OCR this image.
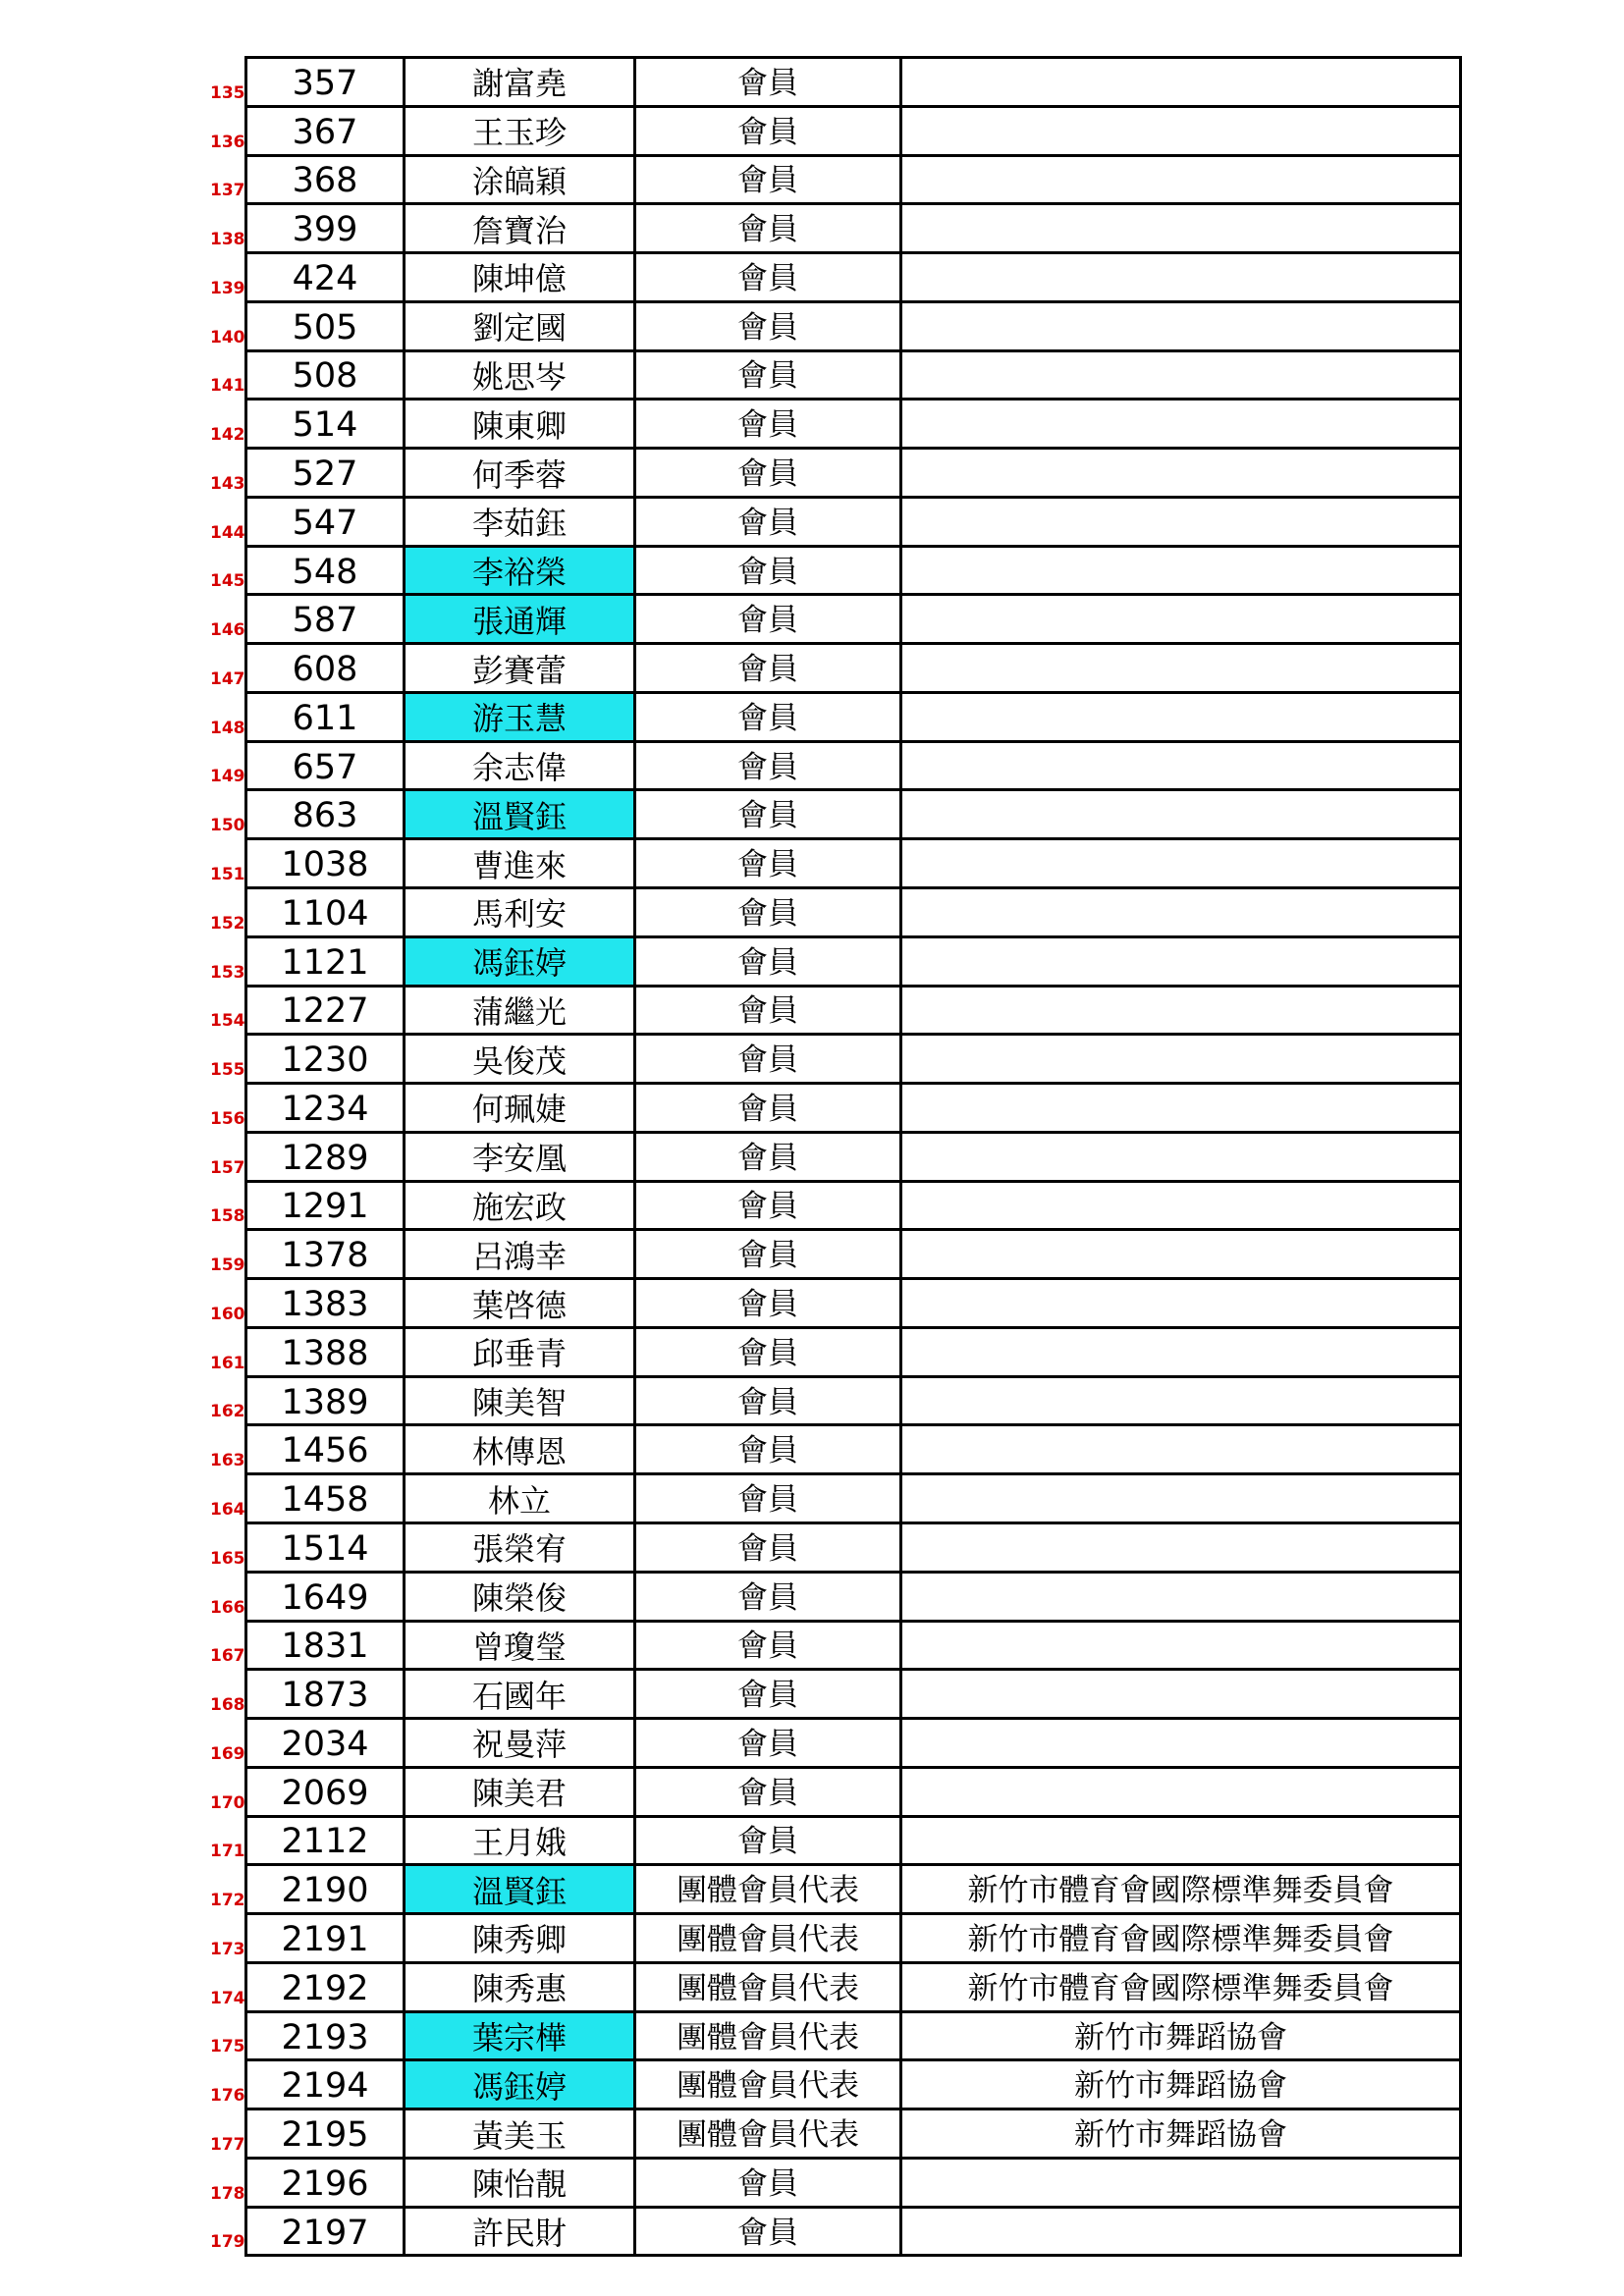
135 357	謝富堯	會員	

136 367	王玉珍	會員	

137 368	涂皜穎	會員	

138 399	詹寶治	會員	

139 424	陳坤億	會員	

140 505	劉定國	會員	

141 508	姚思岑	會員	

142 514	陳東卿	會員	

143 527	何季蓉	會員	

144 547	李茹鈺	會員	

145 548	李裕榮	會員	

146 587	張通輝	會員	

147 608	彭賽蕾	會員	

148 611	游玉慧	會員	

149 657	余志偉	會員	

150 863	溫賢鈺	會員	

151 1038	曹進來	會員	

152 1104	馬利安	會員	

153 1121	馮鈺婷	會員	

154 1227	蒲繼光	會員	

155 1230	吳俊茂	會員	

156 1234	何珮婕	會員	

157 1289	李安凰	會員	

158 1291	施宏政	會員	

159 1378	呂鴻幸	會員	

160 1383	葉啓德	會員	

161 1388	邱垂青	會員	

162 1389	陳美智	會員	

163 1456	林傳恩	會員	

164 1458	林立	會員	

165 1514	張榮宥	會員	

166 1649	陳榮俊	會員	

167 1831	曾瓊瑩	會員	

168 1873	石國年	會員	

169 2034	祝曼萍	會員	

170 2069	陳美君	會員	

171 2112	王月娥	會員	

172 2190	溫賢鈺	團體會員代表	新竹市體育會國際標準舞委員會

173 2191	陳秀卿	團體會員代表	新竹市體育會國際標準舞委員會

174 2192	陳秀惠	團體會員代表	新竹市體育會國際標準舞委員會

175 2193	葉宗樺	團體會員代表	新竹市舞蹈協會

176 2194	馮鈺婷	團體會員代表	新竹市舞蹈協會

177 2195	黃美玉	團體會員代表	新竹市舞蹈協會

178 2196	陳怡靚	會員	

179 2197	許民財	會員	
